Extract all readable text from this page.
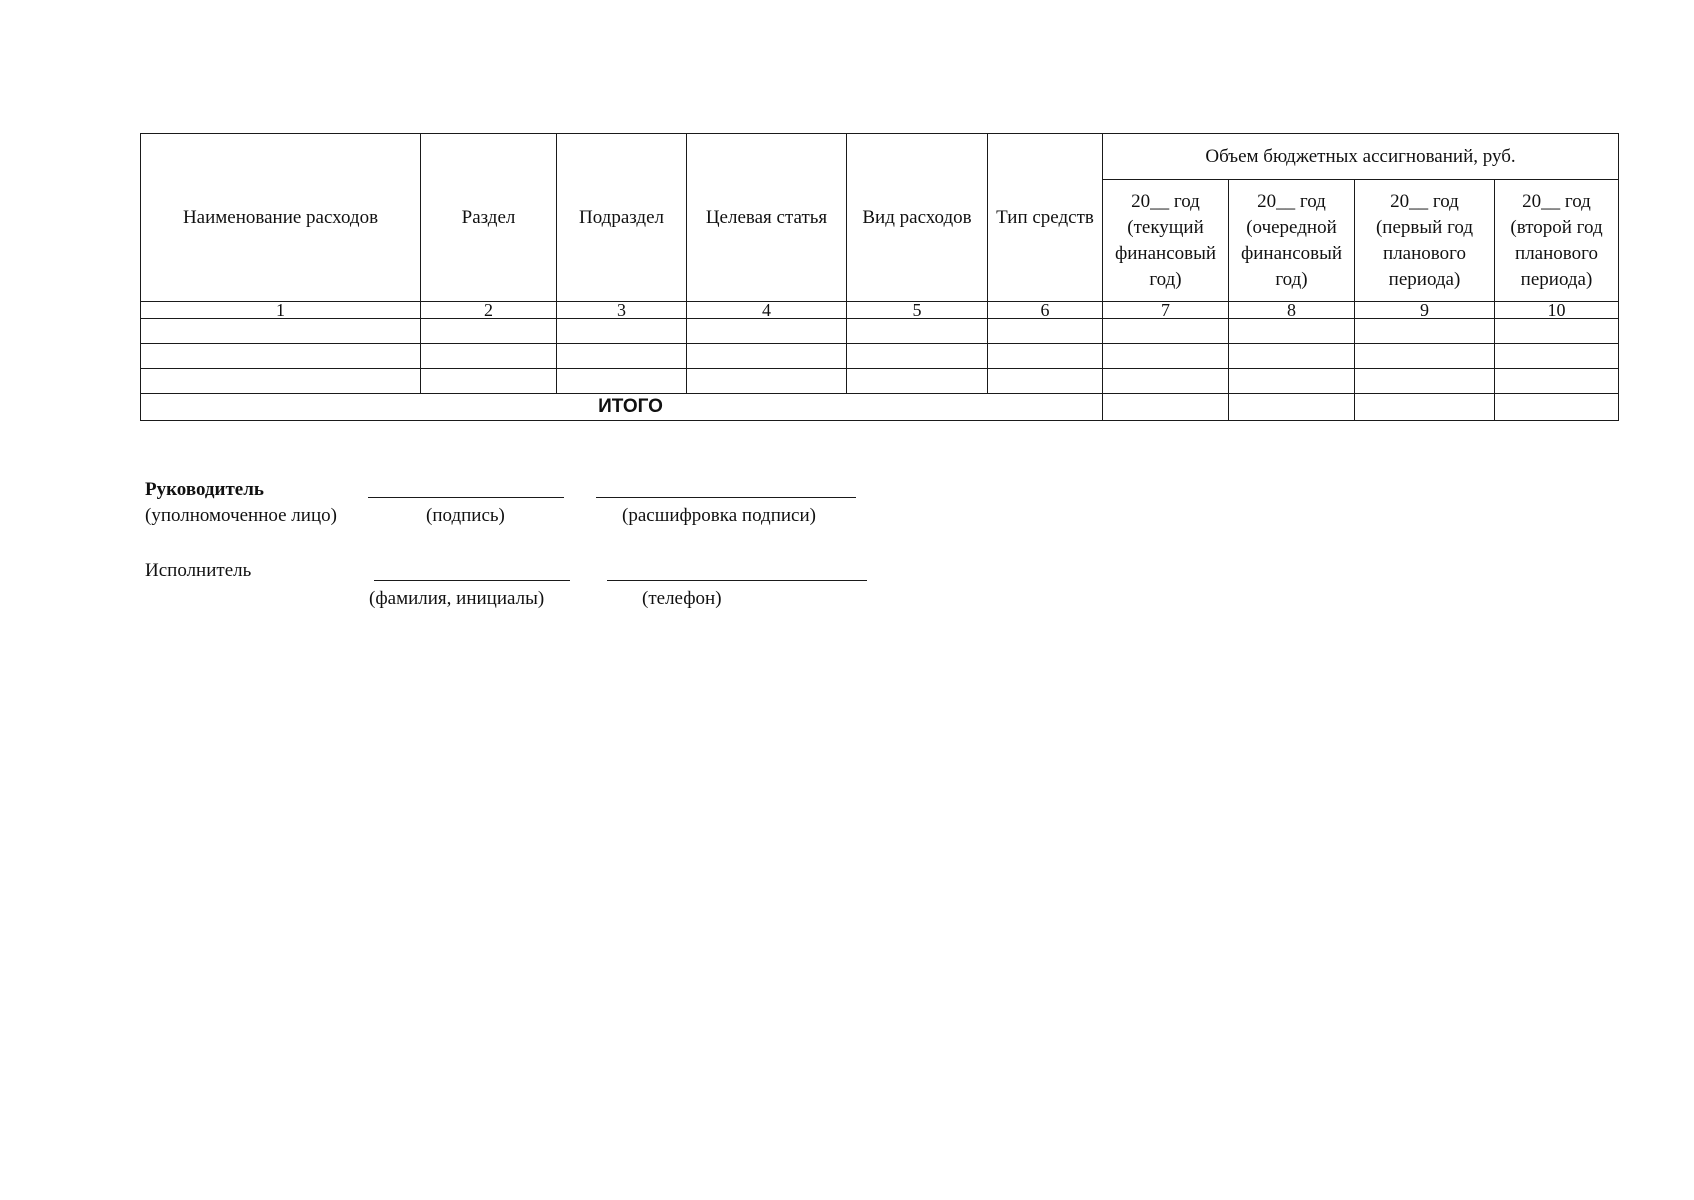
Наименование расходов	Раздел	Подраздел	Целевая статья	Вид расходов	Тип средств	Объем бюджетных ассигнований, руб.			
						20__ год (текущий финансовый год)	20__ год (очередной финансовый год)	20__ год (первый год планового периода)	20__ год (второй год планового периода)
1	2	3	4	5	6	7	8	9	10

ИТОГО									
Руководитель
(уполномоченное лицо)	(подпись)	(расшифровка подписи)
Исполнитель
(фамилия, инициалы)	(телефон)
